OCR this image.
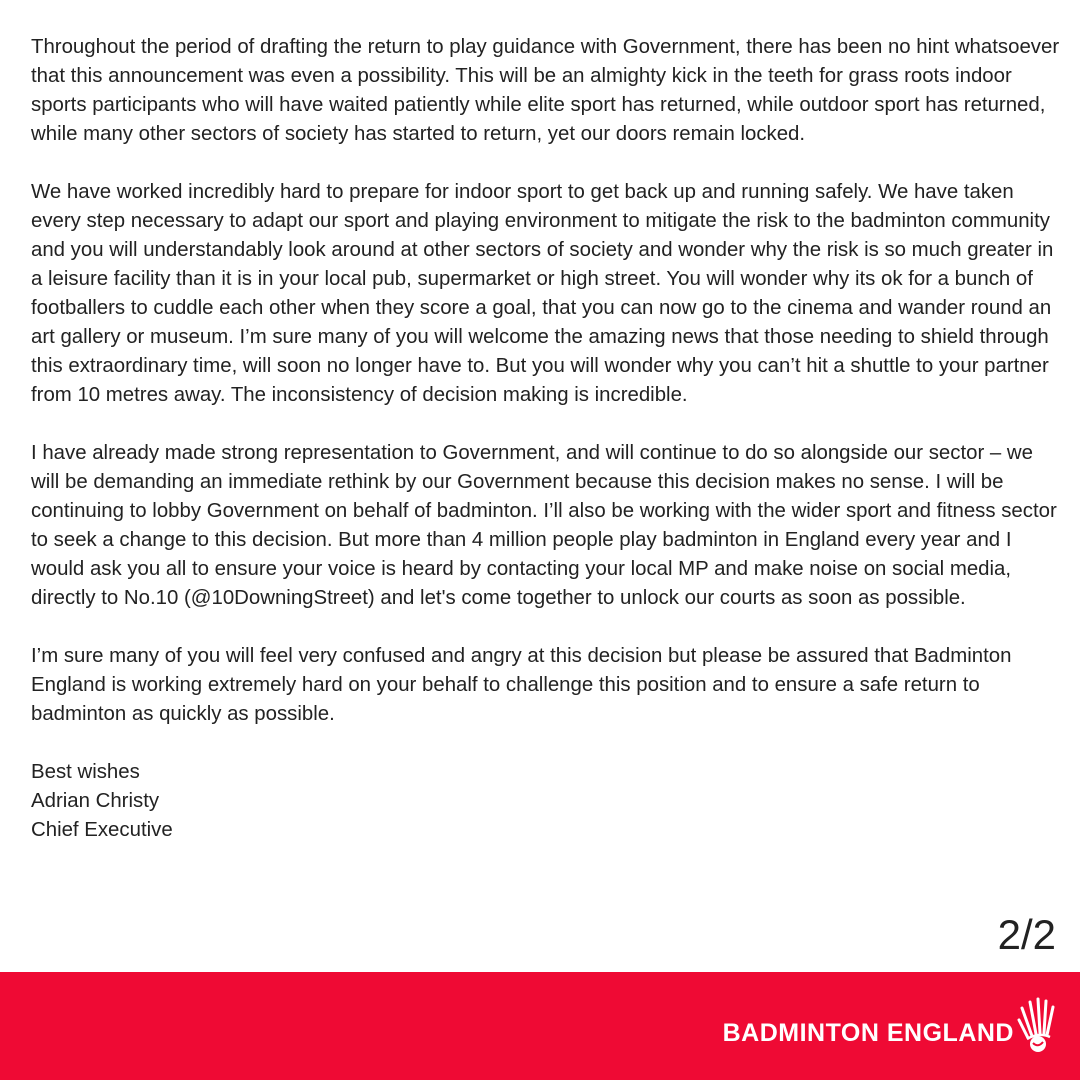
Throughout the period of drafting the return to play guidance with Government, there has been no hint whatsoever that this announcement was even a possibility. This will be an almighty kick in the teeth for grass roots indoor sports participants who will have waited patiently while elite sport has returned, while outdoor sport has returned, while many other sectors of society has started to return, yet our doors remain locked.

We have worked incredibly hard to prepare for indoor sport to get back up and running safely. We have taken every step necessary to adapt our sport and playing environment to mitigate the risk to the badminton community and you will understandably look around at other sectors of society and wonder why the risk is so much greater in a leisure facility than it is in your local pub, supermarket or high street. You will wonder why its ok for a bunch of footballers to cuddle each other when they score a goal, that you can now go to the cinema and wander round an art gallery or museum. I’m sure many of you will welcome the amazing news that those needing to shield through this extraordinary time, will soon no longer have to. But you will wonder why you can’t hit a shuttle to your partner from 10 metres away. The inconsistency of decision making is incredible.

I have already made strong representation to Government, and will continue to do so alongside our sector – we will be demanding an immediate rethink by our Government because this decision makes no sense. I will be continuing to lobby Government on behalf of badminton. I’ll also be working with the wider sport and fitness sector to seek a change to this decision. But more than 4 million people play badminton in England every year and I would ask you all to ensure your voice is heard by contacting your local MP and make noise on social media, directly to No.10 (@10DowningStreet) and let's come together to unlock our courts as soon as possible.

I’m sure many of you will feel very confused and angry at this decision but please be assured that Badminton England is working extremely hard on your behalf to challenge this position and to ensure a safe return to badminton as quickly as possible.

Best wishes

Adrian Christy

Chief Executive

2/2
BADMINTON ENGLAND
